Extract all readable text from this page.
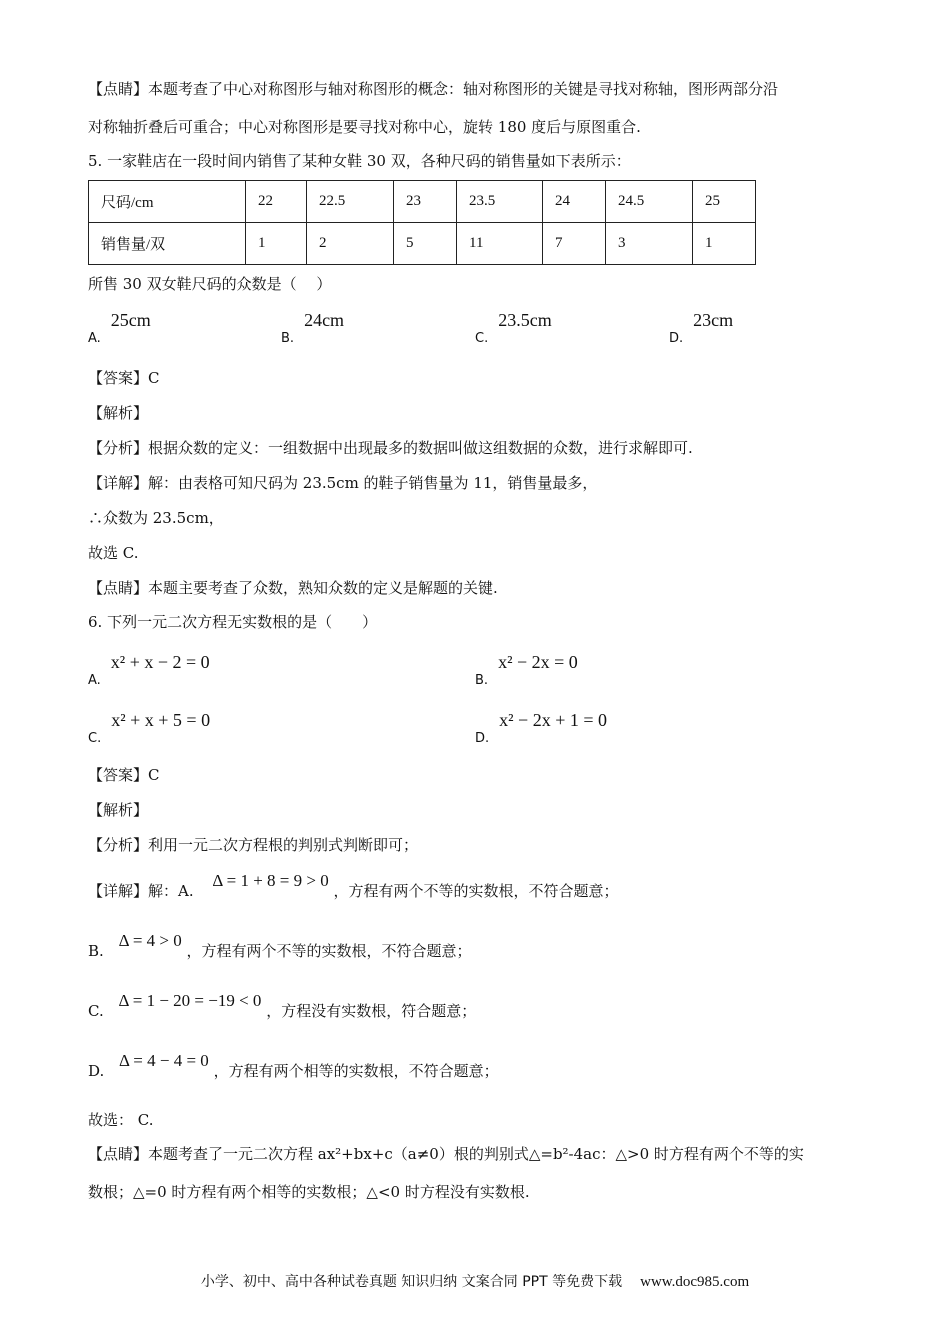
【点睛】本题考查了中心对称图形与轴对称图形的概念：轴对称图形的关键是寻找对称轴，图形两部分沿
对称轴折叠后可重合；中心对称图形是要寻找对称中心，旋转 180 度后与原图重合.
5. 一家鞋店在一段时间内销售了某种女鞋 30 双，各种尺码的销售量如下表所示：
尺码/cm	22	22.5	23	23.5	24	24.5	25
销售量/双	1	2	5	11	7	3	1
所售 30 双女鞋尺码的众数是（　 ）
A.25cm
B.24cm
C.23.5cm
D.23cm
【答案】C
【解析】
【分析】根据众数的定义：一组数据中出现最多的数据叫做这组数据的众数，进行求解即可.
【详解】解：由表格可知尺码为 23.5cm 的鞋子销售量为 11，销售量最多，
∴众数为 23.5cm，
故选 C.
【点睛】本题主要考查了众数，熟知众数的定义是解题的关键.
6. 下列一元二次方程无实数根的是（　　）
A.x² + x − 2 = 0
B.x² − 2x = 0
C.x² + x + 5 = 0
D.x² − 2x + 1 = 0
【答案】C
【解析】
【分析】利用一元二次方程根的判别式判断即可；
【详解】解：A. Δ = 1 + 8 = 9 > 0 ，方程有两个不等的实数根，不符合题意；
B. Δ = 4 > 0 ，方程有两个不等的实数根，不符合题意；
C. Δ = 1 − 20 = −19 < 0 ，方程没有实数根，符合题意；
D. Δ = 4 − 4 = 0 ，方程有两个相等的实数根，不符合题意；
故选： C.
【点睛】本题考查了一元二次方程 ax²+bx+c（a≠0）根的判别式△=b²-4ac：△>0 时方程有两个不等的实
数根；△=0 时方程有两个相等的实数根；△<0 时方程没有实数根.
小学、初中、高中各种试卷真题 知识归纳 文案合同 PPT 等免费下载 www.doc985.com
